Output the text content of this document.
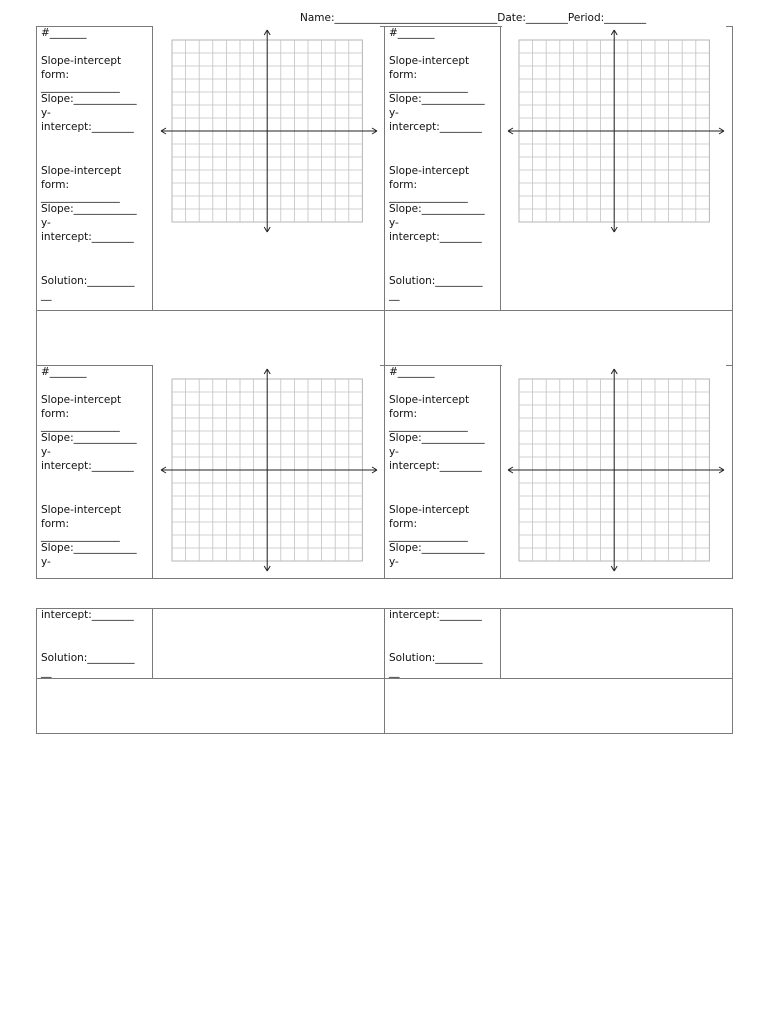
Name:_______________________________Date:________Period:________
#_______
Slope-intercept
form:
_______________
Slope:____________
y-
intercept:________
Slope-intercept
form:
_______________
Slope:____________
y-
intercept:________
Solution:_________
__
#_______
Slope-intercept
form:
_______________
Slope:____________
y-
intercept:________
Slope-intercept
form:
_______________
Slope:____________
y-
intercept:________
Solution:_________
__
#_______
Slope-intercept
form:
_______________
Slope:____________
y-
intercept:________
Slope-intercept
form:
_______________
Slope:____________
y-
#_______
Slope-intercept
form:
_______________
Slope:____________
y-
intercept:________
Slope-intercept
form:
_______________
Slope:____________
y-
intercept:________
Solution:_________
__
intercept:________
Solution:_________
__
